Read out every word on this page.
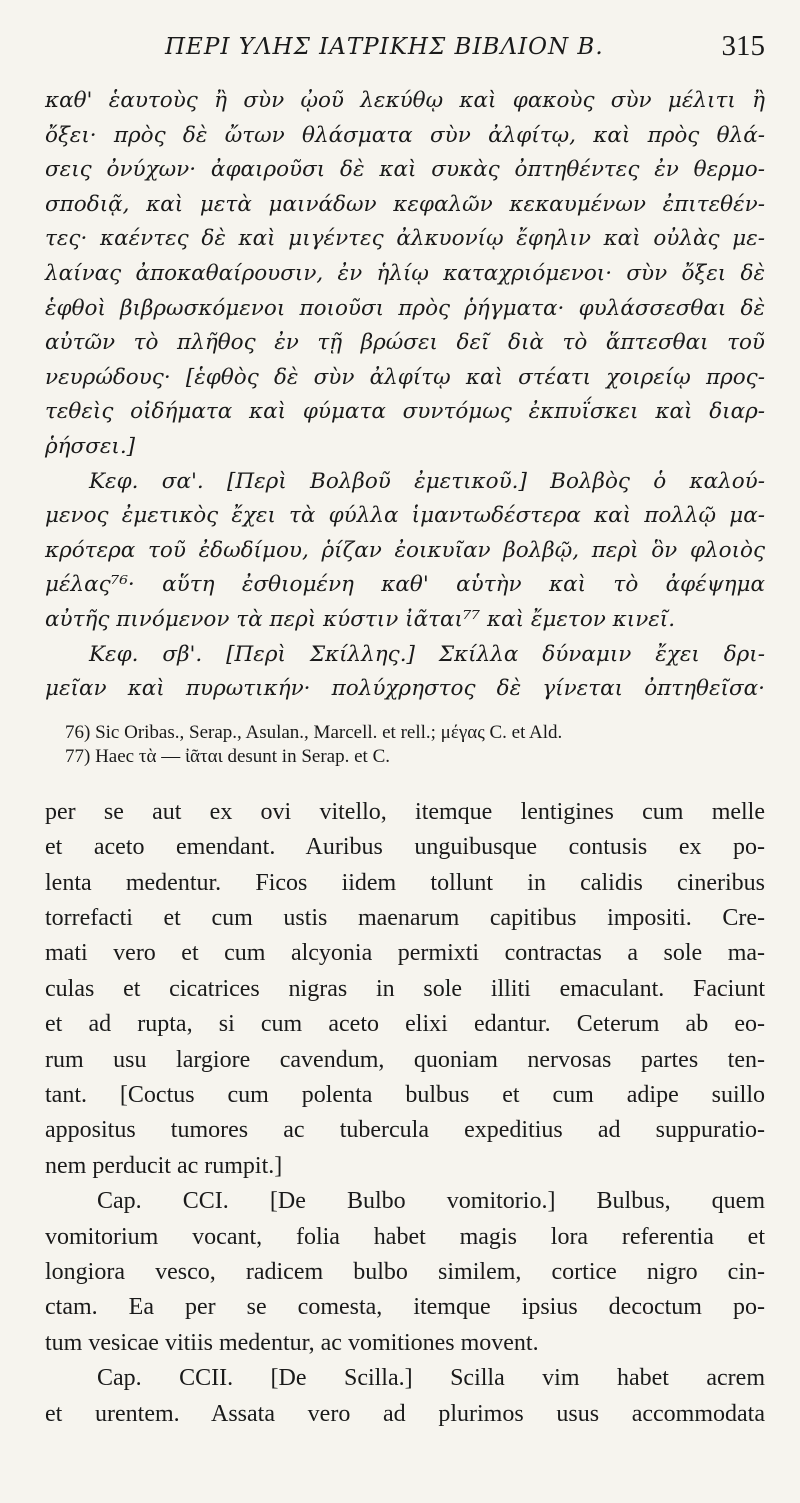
ΠΕΡΙ ΥΛΗΣ ΙΑΤΡΙΚΗΣ ΒΙΒΛΙΟΝ Β.	315
καθ' ἑαυτοὺς ἢ σὺν ᾠοῦ λεκύθῳ καὶ φακοὺς σὺν μέλιτι ἢ
ὄξει· πρὸς δὲ ὤτων θλάσματα σὺν ἀλφίτῳ, καὶ πρὸς θλά-
σεις ὀνύχων· ἀφαιροῦσι δὲ καὶ συκὰς ὀπτηθέντες ἐν θερμο-
σποδιᾷ, καὶ μετὰ μαινάδων κεφαλῶν κεκαυμένων ἐπιτεθέν-
τες· καέντες δὲ καὶ μιγέντες ἀλκυονίῳ ἔφηλιν καὶ οὐλὰς με-
λαίνας ἀποκαθαίρουσιν, ἐν ἡλίῳ καταχριόμενοι· σὺν ὄξει δὲ
ἑφθοὶ βιβρωσκόμενοι ποιοῦσι πρὸς ῥήγματα· φυλάσσεσθαι δὲ
αὐτῶν τὸ πλῆθος ἐν τῇ βρώσει δεῖ διὰ τὸ ἅπτεσθαι τοῦ
νευρώδους· [ἑφθὸς δὲ σὺν ἀλφίτῳ καὶ στέατι χοιρείῳ προς-
τεθεὶς οἰδήματα καὶ φύματα συντόμως ἐκπυΐσκει καὶ διαρ-
ῥήσσει.]
Κεφ. σα'. [Περὶ Βολβοῦ ἐμετικοῦ.] Βολβὸς ὁ καλού-
μενος ἐμετικὸς ἔχει τὰ φύλλα ἱμαντωδέστερα καὶ πολλῷ μα-
κρότερα τοῦ ἐδωδίμου, ῥίζαν ἐοικυῖαν βολβῷ, περὶ ὃν φλοιὸς
μέλας⁷⁶· αὕτη ἐσθιομένη καθ' αὑτὴν καὶ τὸ ἀφέψημα
αὐτῆς πινόμενον τὰ περὶ κύστιν ἰᾶται⁷⁷ καὶ ἔμετον κινεῖ.
Κεφ. σβ'. [Περὶ Σκίλλης.] Σκίλλα δύναμιν ἔχει δρι-
μεῖαν καὶ πυρωτικήν· πολύχρηστος δὲ γίνεται ὀπτηθεῖσα·
76) Sic Oribas., Serap., Asulan., Marcell. et rell.; μέγας C. et Ald.
77) Haec τὰ — ἰᾶται desunt in Serap. et C.
per se aut ex ovi vitello, itemque lentigines cum melle
et aceto emendant. Auribus unguibusque contusis ex po-
lenta medentur. Ficos iidem tollunt in calidis cineribus
torrefacti et cum ustis maenarum capitibus impositi. Cre-
mati vero et cum alcyonia permixti contractas a sole ma-
culas et cicatrices nigras in sole illiti emaculant. Faciunt
et ad rupta, si cum aceto elixi edantur. Ceterum ab eo-
rum usu largiore cavendum, quoniam nervosas partes ten-
tant. [Coctus cum polenta bulbus et cum adipe suillo
appositus tumores ac tubercula expeditius ad suppuratio-
nem perducit ac rumpit.]
Cap. CCI. [De Bulbo vomitorio.] Bulbus, quem
vomitorium vocant, folia habet magis lora referentia et
longiora vesco, radicem bulbo similem, cortice nigro cin-
ctam. Ea per se comesta, itemque ipsius decoctum po-
tum vesicae vitiis medentur, ac vomitiones movent.
Cap. CCII. [De Scilla.] Scilla vim habet acrem
et urentem. Assata vero ad plurimos usus accommodata
